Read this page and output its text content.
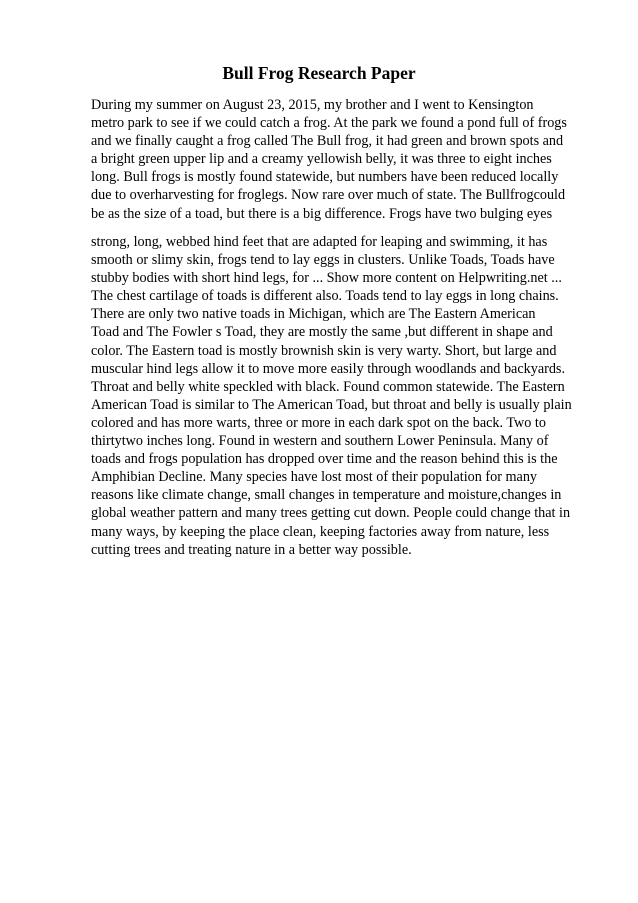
Bull Frog Research Paper
During my summer on August 23, 2015, my brother and I went to Kensington
metro park to see if we could catch a frog. At the park we found a pond full of frogs
and we finally caught a frog called The Bull frog, it had green and brown spots and
a bright green upper lip and a creamy yellowish belly, it was three to eight inches
long. Bull frogs is mostly found statewide, but numbers have been reduced locally
due to overharvesting for froglegs. Now rare over much of state. The Bullfrogcould
be as the size of a toad, but there is a big difference. Frogs have two bulging eyes
strong, long, webbed hind feet that are adapted for leaping and swimming, it has
smooth or slimy skin, frogs tend to lay eggs in clusters. Unlike Toads, Toads have
stubby bodies with short hind legs, for ... Show more content on Helpwriting.net ...
The chest cartilage of toads is different also. Toads tend to lay eggs in long chains.
There are only two native toads in Michigan, which are The Eastern American
Toad and The Fowler s Toad, they are mostly the same ,but different in shape and
color. The Eastern toad is mostly brownish skin is very warty. Short, but large and
muscular hind legs allow it to move more easily through woodlands and backyards.
Throat and belly white speckled with black. Found common statewide. The Eastern
American Toad is similar to The American Toad, but throat and belly is usually plain
colored and has more warts, three or more in each dark spot on the back. Two to
thirtytwo inches long. Found in western and southern Lower Peninsula. Many of
toads and frogs population has dropped over time and the reason behind this is the
Amphibian Decline. Many species have lost most of their population for many
reasons like climate change, small changes in temperature and moisture,changes in
global weather pattern and many trees getting cut down. People could change that in
many ways, by keeping the place clean, keeping factories away from nature, less
cutting trees and treating nature in a better way possible.
